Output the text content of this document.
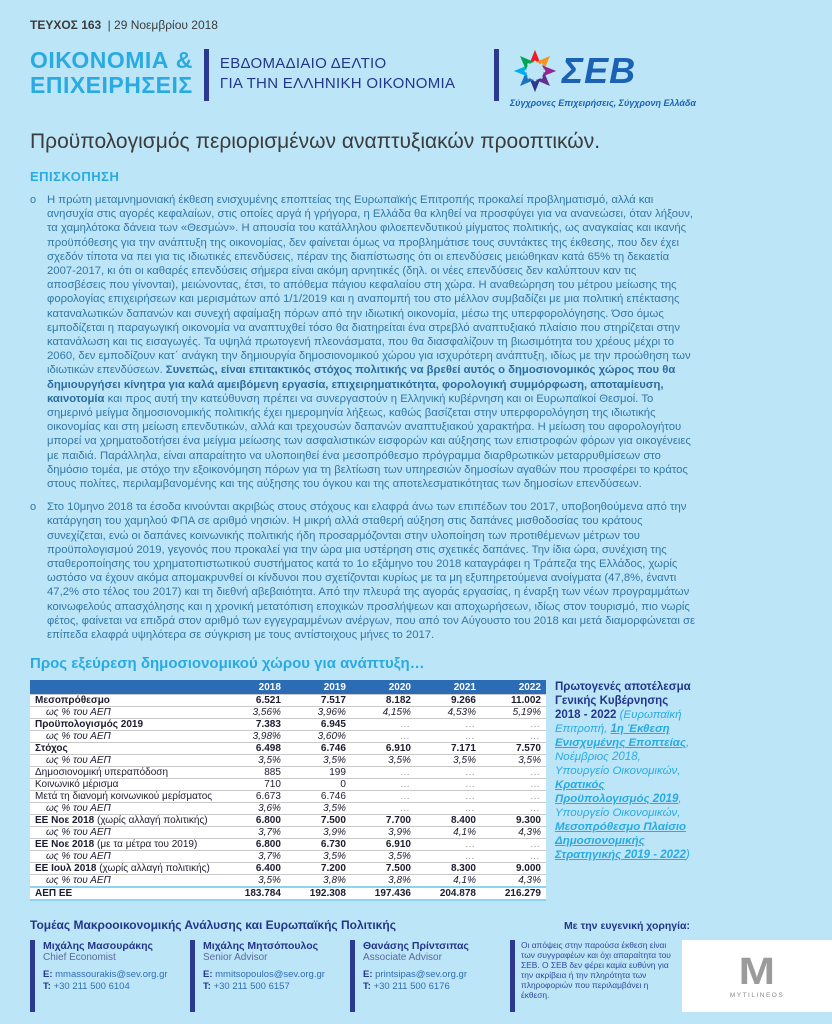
ΤΕΥΧΟΣ 163 | 29 Νοεμβρίου 2018
ΟΙΚΟΝΟΜΙΑ &
ΕΠΙΧΕΙΡΗΣΕΙΣ
ΕΒΔΟΜΑΔΙΑΙΟ ΔΕΛΤΙΟ
ΓΙΑ ΤΗΝ ΕΛΛΗΝΙΚΗ ΟΙΚΟΝΟΜΙΑ	ΣΕΒ
Σύγχρονες Επιχειρήσεις, Σύγχρονη Ελλάδα
Προϋπολογισμός περιορισμένων αναπτυξιακών προοπτικών.
ΕΠΙΣΚΟΠΗΣΗ
o Η πρώτη μεταμνημονιακή έκθεση ενισχυμένης εποπτείας της Ευρωπαϊκής Επιτροπής προκαλεί προβληματισμό, αλλά και ανησυχία στις αγορές κεφαλαίων, στις οποίες αργά ή γρήγορα, η Ελλάδα θα κληθεί να προσφύγει για να ανανεώσει, όταν λήξουν, τα χαμηλότοκα δάνεια των «Θεσμών». Η απουσία του κατάλληλου φιλοεπενδυτικού μίγματος πολιτικής, ως αναγκαίας και ικανής προϋπόθεσης για την ανάπτυξη της οικονομίας, δεν φαίνεται όμως να προβλημάτισε τους συντάκτες της έκθεσης, που δεν έχει σχεδόν τίποτα να πει για τις ιδιωτικές επενδύσεις, πέραν της διαπίστωσης ότι οι επενδύσεις μειώθηκαν κατά 65% τη δεκαετία 2007-2017, κι ότι οι καθαρές επενδύσεις σήμερα είναι ακόμη αρνητικές (δηλ. οι νέες επενδύσεις δεν καλύπτουν καν τις αποσβέσεις που γίνονται), μειώνοντας, έτσι, το απόθεμα πάγιου κεφαλαίου στη χώρα. Η αναθεώρηση του μέτρου μείωσης της φορολογίας επιχειρήσεων και μερισμάτων από 1/1/2019 και η αναπομπή του στο μέλλον συμβαδίζει με μια πολιτική επέκτασης καταναλωτικών δαπανών και συνεχή αφαίμαξη πόρων από την ιδιωτική οικονομία, μέσω της υπερφορολόγησης. Όσο όμως εμποδίζεται η παραγωγική οικονομία να αναπτυχθεί τόσο θα διατηρείται ένα στρεβλό αναπτυξιακό πλαίσιο που στηρίζεται στην κατανάλωση και τις εισαγωγές. Τα υψηλά πρωτογενή πλεονάσματα, που θα διασφαλίζουν τη βιωσιμότητα του χρέους μέχρι το 2060, δεν εμποδίζουν κατ΄ ανάγκη την δημιουργία δημοσιονομικού χώρου για ισχυρότερη ανάπτυξη, ιδίως με την προώθηση των ιδιωτικών επενδύσεων. Συνεπώς, είναι επιτακτικός στόχος πολιτικής να βρεθεί αυτός ο δημοσιονομικός χώρος που θα δημιουργήσει κίνητρα για καλά αμειβόμενη εργασία, επιχειρηματικότητα, φορολογική συμμόρφωση, αποταμίευση, καινοτομία και προς αυτή την κατεύθυνση πρέπει να συνεργαστούν η Ελληνική κυβέρνηση και οι Ευρωπαϊκοί Θεσμοί. Το σημερινό μείγμα δημοσιονομικής πολιτικής έχει ημερομηνία λήξεως, καθώς βασίζεται στην υπερφορολόγηση της ιδιωτικής οικονομίας και στη μείωση επενδυτικών, αλλά και τρεχουσών δαπανών αναπτυξιακού χαρακτήρα. Η μείωση του αφορολογήτου μπορεί να χρηματοδοτήσει ένα μείγμα μείωσης των ασφαλιστικών εισφορών και αύξησης των επιστροφών φόρων για οικογένειες με παιδιά. Παράλληλα, είναι απαραίτητο να υλοποιηθεί ένα μεσοπρόθεσμο πρόγραμμα διαρθρωτικών μεταρρυθμίσεων στο δημόσιο τομέα, με στόχο την εξοικονόμηση πόρων για τη βελτίωση των υπηρεσιών δημοσίων αγαθών που προσφέρει το κράτος στους πολίτες, περιλαμβανομένης και της αύξησης του όγκου και της αποτελεσματικότητας των δημοσίων επενδύσεων.

o Στο 10μηνο 2018 τα έσοδα κινούνται ακριβώς στους στόχους και ελαφρά άνω των επιπέδων του 2017, υποβοηθούμενα από την κατάργηση του χαμηλού ΦΠΑ σε αριθμό νησιών. Η μικρή αλλά σταθερή αύξηση στις δαπάνες μισθοδοσίας του κράτους συνεχίζεται, ενώ οι δαπάνες κοινωνικής πολιτικής ήδη προσαρμόζονται στην υλοποίηση των προτιθέμενων μέτρων του προϋπολογισμού 2019, γεγονός που προκαλεί για την ώρα μια υστέρηση στις σχετικές δαπάνες. Την ίδια ώρα, συνέχιση της σταθεροποίησης του χρηματοπιστωτικού συστήματος κατά το 1ο εξάμηνο του 2018 καταγράφει η Τράπεζα της Ελλάδος, χωρίς ωστόσο να έχουν ακόμα απομακρυνθεί οι κίνδυνοι που σχετίζονται κυρίως με τα μη εξυπηρετούμενα ανοίγματα (47,8%, έναντι 47,2% στο τέλος του 2017) και τη διεθνή αβεβαιότητα. Από την πλευρά της αγοράς εργασίας, η έναρξη των νέων προγραμμάτων κοινωφελούς απασχόλησης και η χρονική μετατόπιση εποχικών προσλήψεων και αποχωρήσεων, ιδίως στον τουρισμό, πιο νωρίς φέτος, φαίνεται να επιδρά στον αριθμό των εγγεγραμμένων ανέργων, που από τον Αύγουστο του 2018 και μετά διαμορφώνεται σε επίπεδα ελαφρά υψηλότερα σε σύγκριση με τους αντίστοιχους μήνες το 2017.

Προς εξεύρεση δημοσιονομικού χώρου για ανάπτυξη…
	2018	2019	2020	2021	2022
Μεσοπρόθεσμο	6.521	7.517	8.182	9.266	11.002
ως % του ΑΕΠ	3,56%	3,96%	4,15%	4,53%	5,19%
Προϋπολογισμός 2019	7.383	6.945	…	…	…
ως % του ΑΕΠ	3,98%	3,60%	…	…	…
Στόχος	6.498	6.746	6.910	7.171	7.570
ως % του ΑΕΠ	3,5%	3,5%	3,5%	3,5%	3,5%
Δημοσιονομική υπεραπόδοση	885	199	…	…	…
Κοινωνικό μέρισμα	710	0	…	…	…
Μετά τη διανομή κοινωνικού μερίσματος	6.673	6.746	…	…	…
ως % του ΑΕΠ	3,6%	3,5%	…	…	…
ΕΕ Νοε 2018 (χωρίς αλλαγή πολιτικής)	6.800	7.500	7.700	8.400	9.300
ως % του ΑΕΠ	3,7%	3,9%	3,9%	4,1%	4,3%
ΕΕ Νοε 2018 (με τα μέτρα του 2019)	6.800	6.730	6.910	…	…
ως % του ΑΕΠ	3,7%	3,5%	3,5%	…	…
ΕΕ Ιουλ 2018 (χωρίς αλλαγή πολιτικής)	6.400	7.200	7.500	8.300	9.000
ως % του ΑΕΠ	3,5%	3,8%	3,8%	4,1%	4,3%
ΑΕΠ ΕΕ	183.784	192.308	197.436	204.878	216.279
Πρωτογενές αποτέλεσμα Γενικής Κυβέρνησης 2018 - 2022 (Ευρωπαϊκή Επιτροπή, 1η Έκθεση Ενισχυμένης Εποπτείας, Νοέμβριος 2018, Υπουργείο Οικονομικών, Κρατικός Προϋπολογισμός 2019, Υπουργείο Οικονομικών, Μεσοπρόθεσμο Πλαίσιο Δημοσιονομικής Στρατηγικής 2019 - 2022)
Τομέας Μακροοικονομικής Ανάλυσης και Ευρωπαϊκής Πολιτικής	Με την ευγενική χορηγία:
Μιχάλης Μασουράκης
Chief Economist
E: mmassourakis@sev.org.gr
T: +30 211 500 6104
Μιχάλης Μητσόπουλος
Senior Advisor
E: mmitsopoulos@sev.org.gr
T: +30 211 500 6157
Θανάσης Πρίντσιπας
Associate Advisor
E: printsipas@sev.org.gr
T: +30 211 500 6176
Οι απόψεις στην παρούσα έκθεση είναι των συγγραφέων και όχι απαραίτητα του ΣΕΒ. Ο ΣΕΒ δεν φέρει καμία ευθύνη για την ακρίβεια ή την πληρότητα των πληροφοριών που περιλαμβάνει η έκθεση.
M
MYTILINEOS
